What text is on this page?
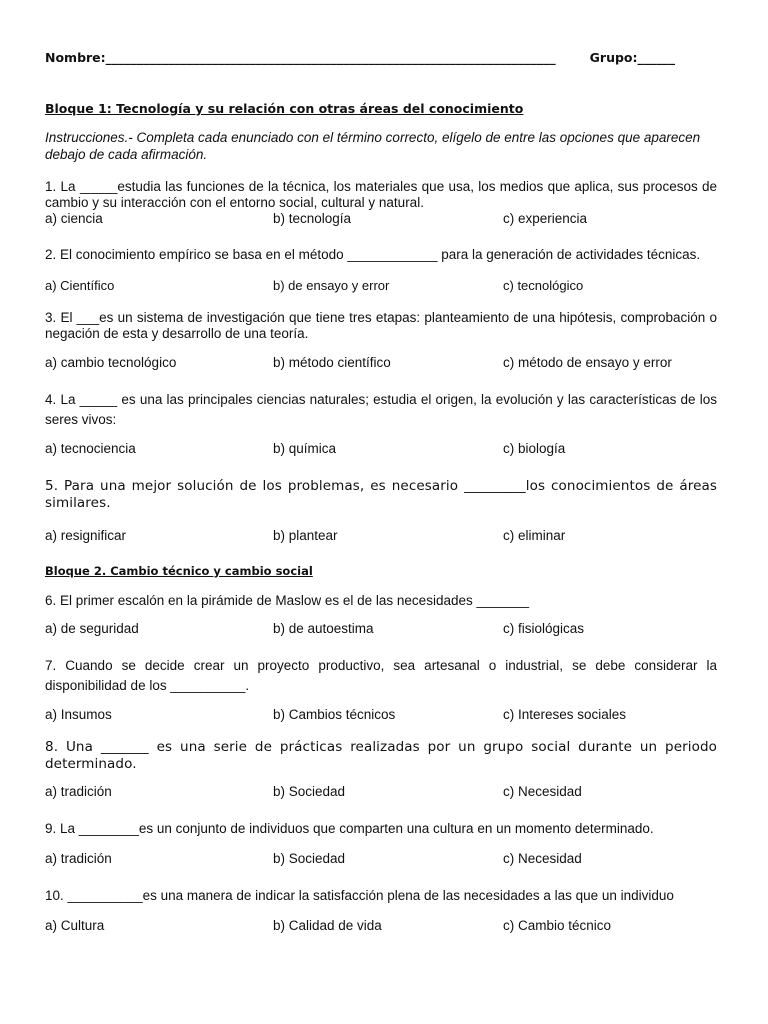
Nombre:________________________________________________________________________	Grupo:______
Bloque 1: Tecnología y su relación con otras áreas del conocimiento
Instrucciones.- Completa cada enunciado con el término correcto, elígelo de entre las opciones que aparecen debajo de cada afirmación.
1. La _____estudia las funciones de la técnica, los materiales que usa, los medios que aplica, sus procesos de cambio y su interacción con el entorno social, cultural y natural.
a) ciencia	b) tecnología	c) experiencia
2. El conocimiento empírico se basa en el método ____________ para la generación de actividades técnicas.
a) Científico	b) de ensayo y error	c) tecnológico
3. El ___es un sistema de investigación que tiene tres etapas: planteamiento de una hipótesis, comprobación o negación de esta y desarrollo de una teoría.
a) cambio tecnológico	b) método científico	c) método de ensayo y error
4. La _____ es una las principales ciencias naturales; estudia el origen, la evolución y las características de los seres vivos:
a) tecnociencia	b) química	c) biología
5. Para una mejor solución de los problemas, es necesario _________los conocimientos de áreas similares.
a) resignificar	b) plantear	c) eliminar
Bloque 2. Cambio técnico y cambio social
6. El primer escalón en la pirámide de Maslow es el de las necesidades _______
a) de seguridad	b) de autoestima	c) fisiológicas
7. Cuando se decide crear un proyecto productivo, sea artesanal o industrial, se debe considerar la disponibilidad de los __________.
a) Insumos	b) Cambios técnicos	c) Intereses sociales
8. Una _______ es una serie de prácticas realizadas por un grupo social durante un periodo determinado.
a) tradición	b) Sociedad	c) Necesidad
9. La ________es un conjunto de individuos que comparten una cultura en un momento determinado.
a) tradición	b) Sociedad	c) Necesidad
10. __________es una manera de indicar la satisfacción plena de las necesidades a las que un individuo
a) Cultura	b) Calidad de vida	c) Cambio técnico
